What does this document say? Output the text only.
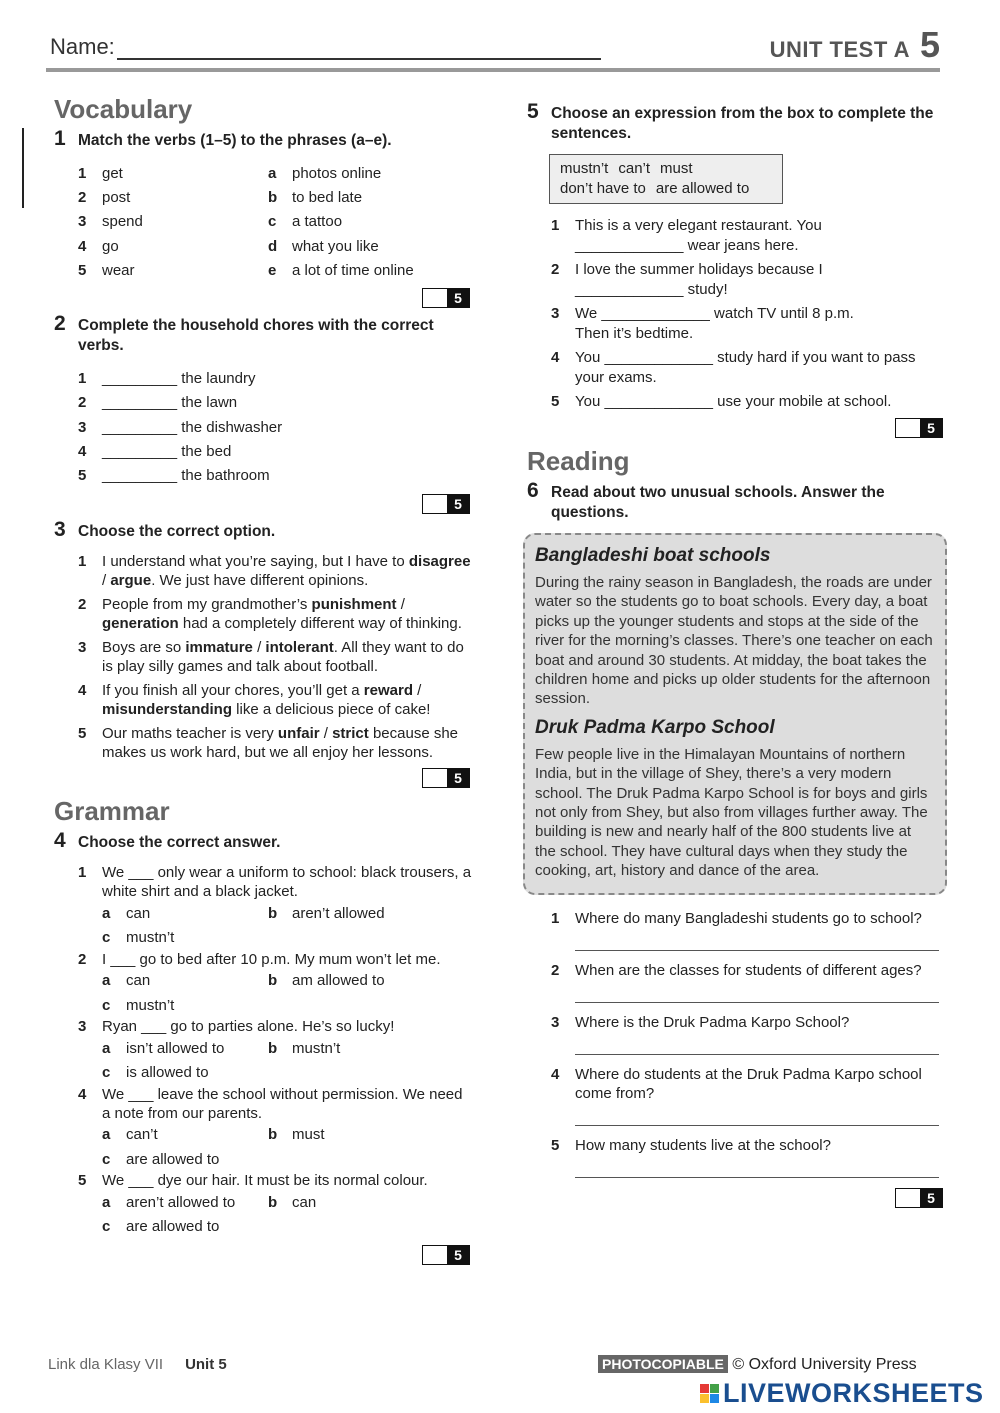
Name:	UNIT TEST A 5
Vocabulary
1 Match the verbs (1–5) to the phrases (a–e).
1	get	a	photos online
2	post	b to bed late
3	spend	c	a tattoo
4	go	d what you like
5	wear	e	a lot of time online
5
2 Complete the household chores with the correct verbs.
1	_________ the laundry
2	_________ the lawn
3	_________ the dishwasher
4	_________ the bed
5	_________ the bathroom
5
3 Choose the correct option.
1	I understand what you’re saying, but I have to disagree / argue. We just have different opinions.
2	People from my grandmother’s punishment / generation had a completely different way of thinking.
3	Boys are so immature / intolerant. All they want to do is play silly games and talk about football.
4	If you finish all your chores, you’ll get a reward / misunderstanding like a delicious piece of cake!
5	Our maths teacher is very unfair / strict because she makes us work hard, but we all enjoy her lessons.
5
Grammar
4 Choose the correct answer.
1	We ___ only wear a uniform to school: black trousers, a white shirt and a black jacket.
a	can	b aren’t allowed
c	mustn’t
2	I ___ go to bed after 10 p.m. My mum won’t let me.
a	can	b am allowed to
c	mustn’t
3	Ryan ___ go to parties alone. He’s so lucky!
a	isn’t allowed to	b mustn’t
c	is allowed to
4	We ___ leave the school without permission. We need a note from our parents.
a	can’t	b must
c	are allowed to
5	We ___ dye our hair. It must be its normal colour.
a	aren’t allowed to	b can
c	are allowed to
5
5 Choose an expression from the box to complete the sentences.
mustn’t can’t must
don’t have to are allowed to
1	This is a very elegant restaurant. You _____________ wear jeans here.
2	I love the summer holidays because I _____________ study!
3	We _____________ watch TV until 8 p.m. Then it’s bedtime.
4	You _____________ study hard if you want to pass your exams.
5	You _____________ use your mobile at school.
5
Reading
6 Read about two unusual schools. Answer the questions.
Bangladeshi boat schools

During the rainy season in Bangladesh, the roads are under water so the students go to boat schools. Every day, a boat picks up the younger students and stops at the side of the river for the morning’s classes. There’s one teacher on each boat and around 30 students. At midday, the boat takes the children home and picks up older students for the afternoon session.

Druk Padma Karpo School

Few people live in the Himalayan Mountains of northern India, but in the village of Shey, there’s a very modern school. The Druk Padma Karpo School is for boys and girls not only from Shey, but also from villages further away. The building is new and nearly half of the 800 students live at the school. They have cultural days when they study the cooking, art, history and dance of the area.

1	Where do many Bangladeshi students go to school?
2	When are the classes for students of different ages?
3	Where is the Druk Padma Karpo School?
4	Where do students at the Druk Padma Karpo school come from?
5	How many students live at the school?
5
Link dla Klasy VII Unit 5	PHOTOCOPIABLE © Oxford University Press
LIVEWORKSHEETS
